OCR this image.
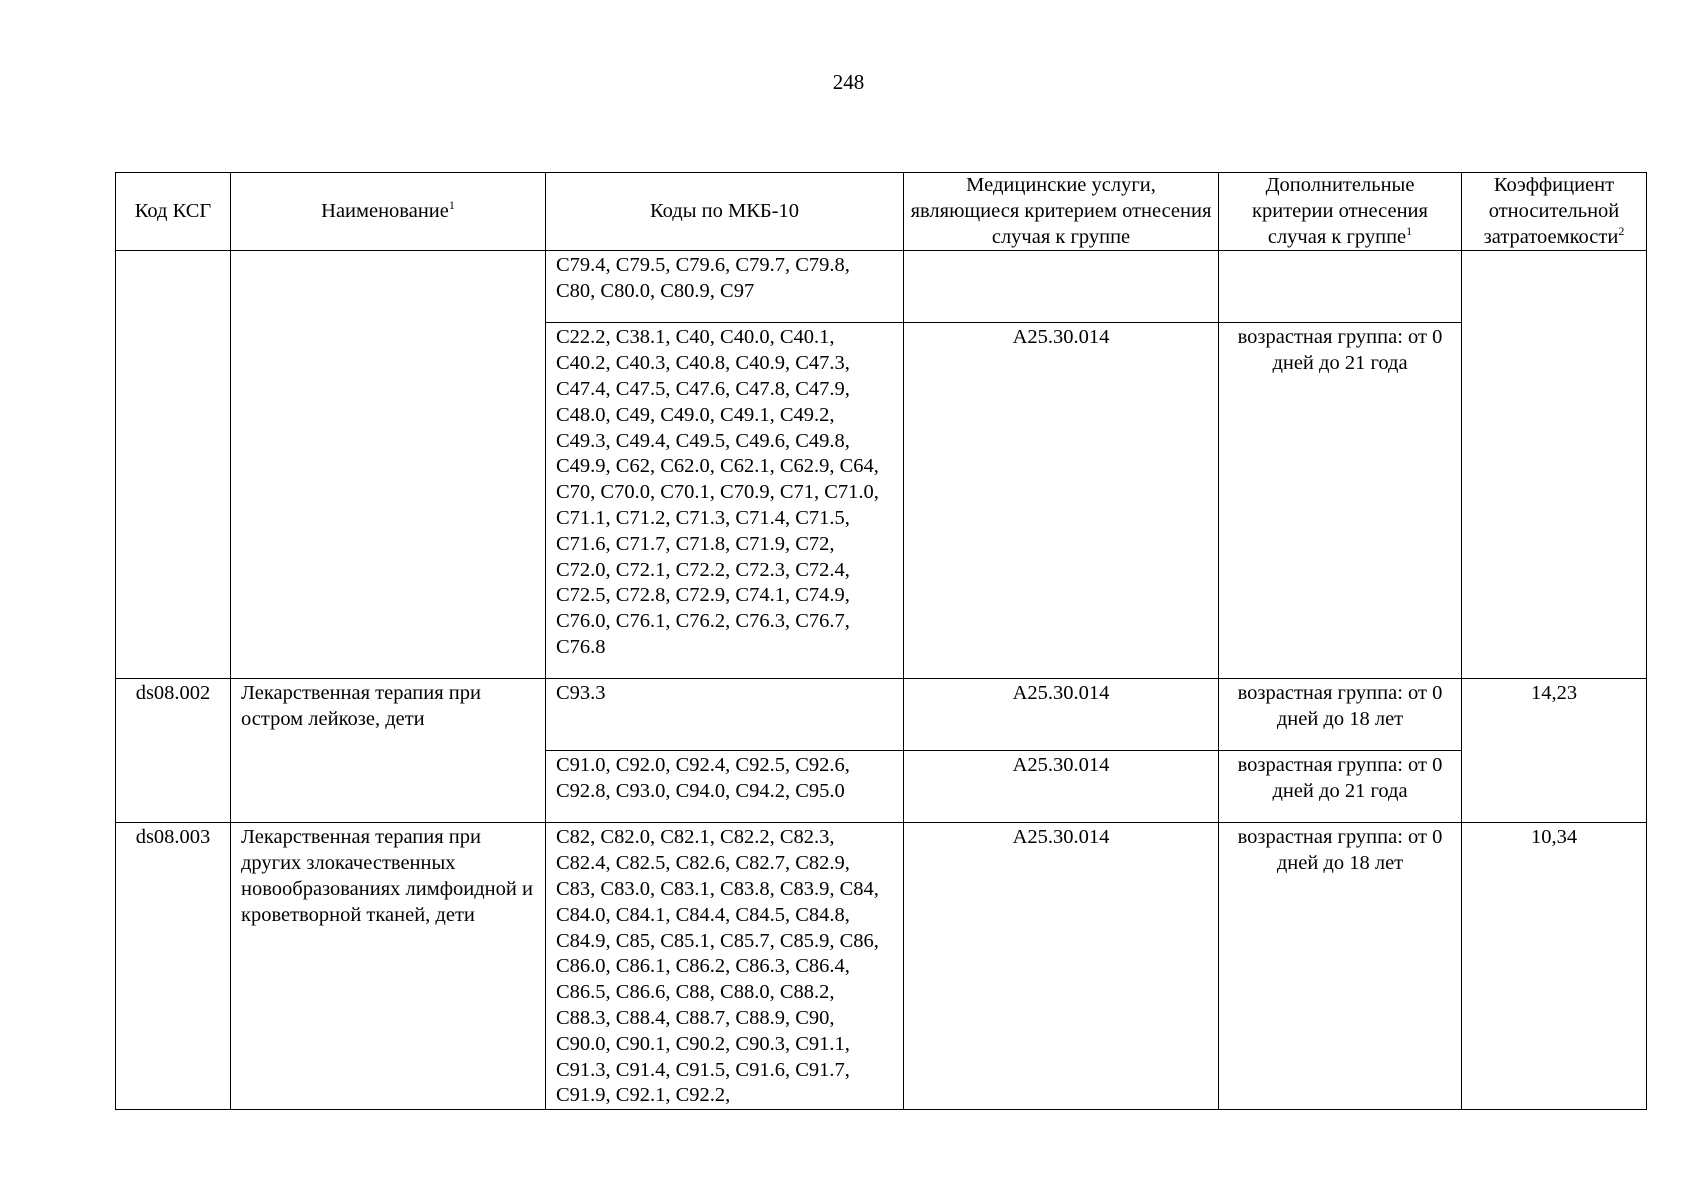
248
Код КСГ	Наименование$^1$	Коды по МКБ-10	Медицинские услуги, являющиеся критерием отнесения случая к группе	Дополнительные критерии отнесения случая к группе$^1$	Коэффициент относительной затратоемкости$^2$
		C79.4, C79.5, C79.6, C79.7, C79.8, C80, C80.0, C80.9, C97			
		C22.2, C38.1, C40, C40.0, C40.1, C40.2, C40.3, C40.8, C40.9, C47.3, C47.4, C47.5, C47.6, C47.8, C47.9, C48.0, C49, C49.0, C49.1, C49.2, C49.3, C49.4, C49.5, C49.6, C49.8, C49.9, C62, C62.0, C62.1, C62.9, C64, C70, C70.0, C70.1, C70.9, C71, C71.0, C71.1, C71.2, C71.3, C71.4, C71.5, C71.6, C71.7, C71.8, C71.9, C72, C72.0, C72.1, C72.2, C72.3, C72.4, C72.5, C72.8, C72.9, C74.1, C74.9, C76.0, C76.1, C76.2, C76.3, C76.7, C76.8	A25.30.014	возрастная группа: от 0 дней до 21 года	
ds08.002	Лекарственная терапия при остром лейкозе, дети	C93.3	A25.30.014	возрастная группа: от 0 дней до 18 лет	14,23
		C91.0, C92.0, C92.4, C92.5, C92.6, C92.8, C93.0, C94.0, C94.2, C95.0	A25.30.014	возрастная группа: от 0 дней до 21 года	
ds08.003	Лекарственная терапия при других злокачественных новообразованиях лимфоидной и кроветворной тканей, дети	C82, C82.0, C82.1, C82.2, C82.3, C82.4, C82.5, C82.6, C82.7, C82.9, C83, C83.0, C83.1, C83.8, C83.9, C84, C84.0, C84.1, C84.4, C84.5, C84.8, C84.9, C85, C85.1, C85.7, C85.9, C86, C86.0, C86.1, C86.2, C86.3, C86.4, C86.5, C86.6, C88, C88.0, C88.2, C88.3, C88.4, C88.7, C88.9, C90, C90.0, C90.1, C90.2, C90.3, C91.1, C91.3, C91.4, C91.5, C91.6, C91.7, C91.9, C92.1, C92.2,	A25.30.014	возрастная группа: от 0 дней до 18 лет	10,34
